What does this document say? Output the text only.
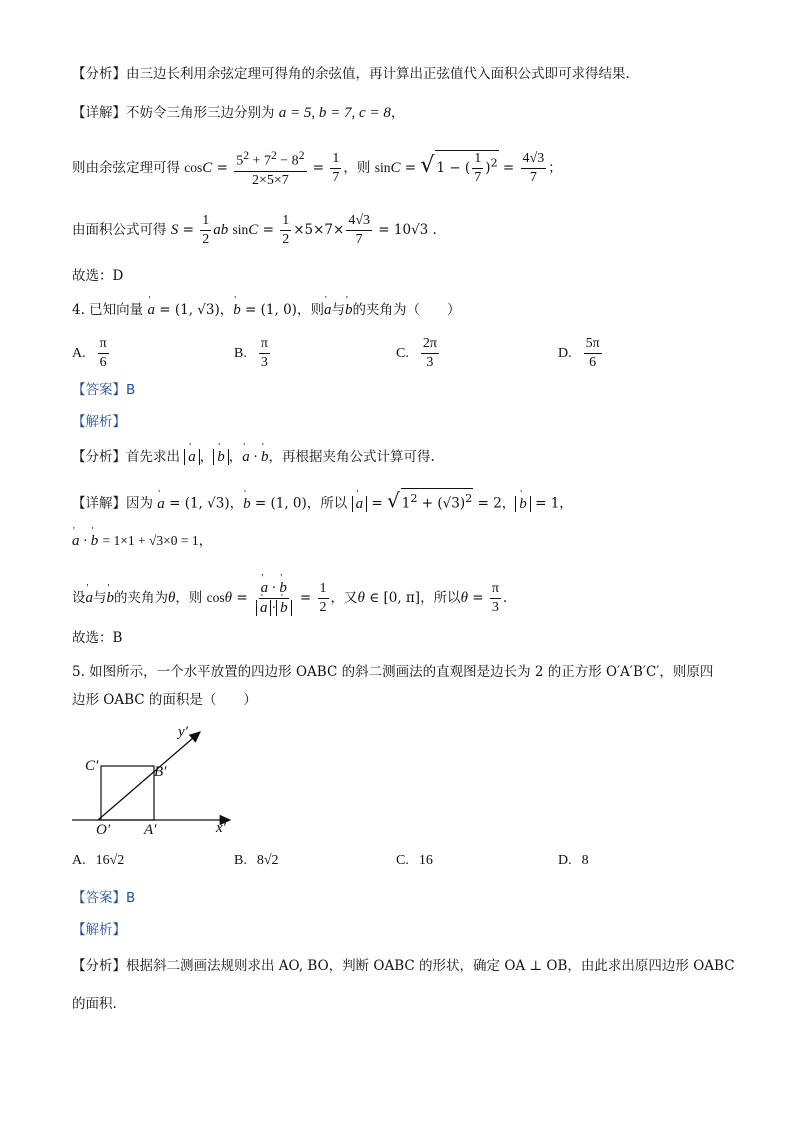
【分析】由三边长利用余弦定理可得角的余弦值，再计算出正弦值代入面积公式即可求得结果.
【详解】不妨令三角形三边分别为 a = 5, b = 7, c = 8，
则由余弦定理可得 $\cos C = \frac{5^2 + 7^2 - 8^2}{2\times 5\times 7} = \frac{1}{7}$ ，则 sinC = √ 1 − ( $\frac{1}{7} )^2 = \frac{4√3}{7}$ ；
由面积公式可得 $S = \frac{1}{2}$ ab $\sin C = \frac{1}{2} \times 5\times 7\times \frac{4√3}{7} = 10√3$ .
故选：D
4. 已知向量 ' a = (1, √3)，' b = (1, 0)，则' a与' b的夹角为（　　）
A. $\frac{\pi}{6}$	B. $\frac{\pi}{3}$	C. $\frac{2\pi}{3}$	D. $\frac{5\pi}{6}$
【答案】B
【解析】
【分析】首先求出 ' a ， ' b ，' a · ' b，再根据夹角公式计算可得.
【详解】因为 ' a = (1, √3)，' b = (1, 0)，所以 ' a = √ $1^2 + (√3)^2 = 2$， ' b = 1，
' a · ' b = 1×1 + √3×0 = 1，
设' a与' b的夹角为θ，则 cosθ = ' a · ' b
' a · ' $b = \frac{1}{2}$ ，又θ ∈ [0, π]，所以$\theta = \frac{\pi}{3}$ .
故选：B
5. 如图所示，一个水平放置的四边形 OABC 的斜二测画法的直观图是边长为 2 的正方形 O′A′B′C′，则原四
边形 OABC 的面积是（　　）
y′
x′
C′	B′
O′ A′
A. 16√2	B. 8√2	C. 16	D. 8
【答案】B
【解析】
【分析】根据斜二测画法规则求出 AO, BO，判断 OABC 的形状，确定 OA ⊥ OB，由此求出原四边形 OABC
的面积.
